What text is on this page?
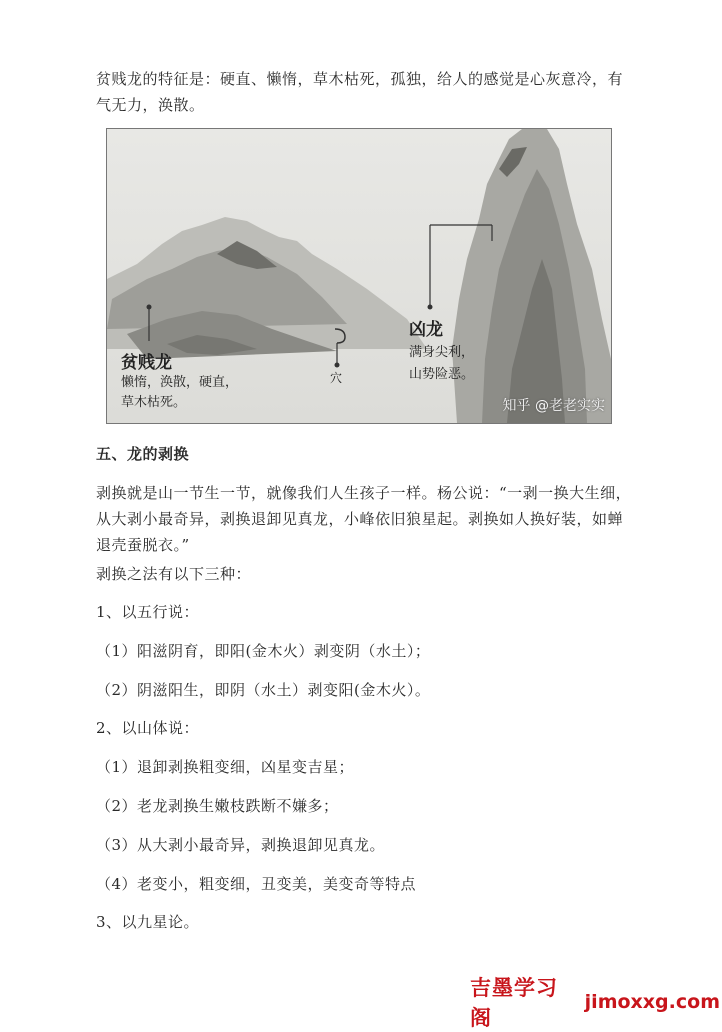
贫贱龙的特征是：硬直、懒惰，草木枯死，孤独，给人的感觉是心灰意冷，有气无力，涣散。

贫贱龙

懒惰，涣散，硬直，

草木枯死。

穴

凶龙

满身尖利，

山势险恶。

知乎 @老老实实

五、龙的剥换

剥换就是山一节生一节，就像我们人生孩子一样。杨公说：“一剥一换大生细，从大剥小最奇异，剥换退卸见真龙，小峰依旧狼星起。剥换如人换好装，如蝉退壳蚕脱衣。”

剥换之法有以下三种：

1、以五行说：

（1）阳滋阴育，即阳(金木火）剥变阴（水土）；

（2）阴滋阳生，即阴（水土）剥变阳(金木火）。

2、以山体说：

（1）退卸剥换粗变细，凶星变吉星；

（2）老龙剥换生嫩枝跌断不嫌多；

（3）从大剥小最奇异，剥换退卸见真龙。

（4）老变小，粗变细，丑变美，美变奇等特点

3、以九星论。

吉墨学习阁
jimoxxg.com
